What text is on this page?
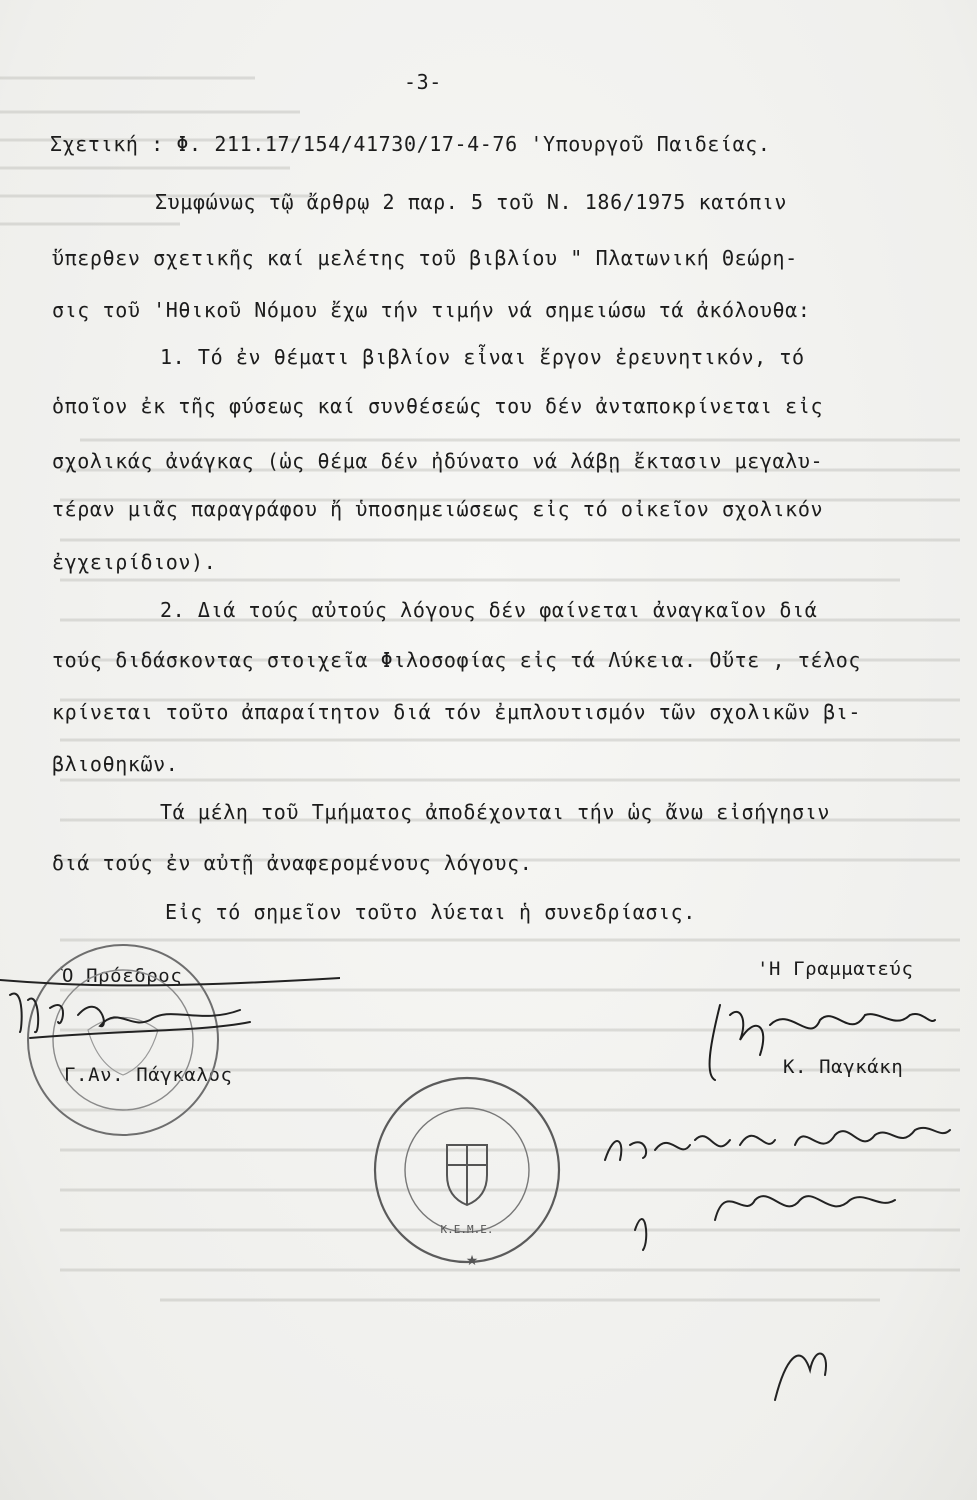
-3-
Σχετική : Φ. 211.17/154/41730/17-4-76 'Υπουργοῦ Παιδείας.
Συμφώνως τῷ ἄρθρῳ 2 παρ. 5 τοῦ Ν. 186/1975 κατόπιν
ὕπερθεν σχετικῆς καί μελέτης τοῦ βιβλίου " Πλατωνική Θεώρη-
σις τοῦ 'Ηθικοῦ Νόμου ἔχω τήν τιμήν νά σημειώσω τά ἀκόλουθα:
1. Τό ἐν θέματι βιβλίον εἶναι ἔργον ἐρευνητικόν, τό
ὁποῖον ἐκ τῆς φύσεως καί συνθέσεώς του δέν ἀνταποκρίνεται εἰς
σχολικάς ἀνάγκας (ὡς θέμα δέν ἠδύνατο νά λάβῃ ἔκτασιν μεγαλυ-
τέραν μιᾶς παραγράφου ἤ ὑποσημειώσεως εἰς τό οἰκεῖον σχολικόν
ἐγχειρίδιον).
2. Διά τούς αὐτούς λόγους δέν φαίνεται ἀναγκαῖον διά
τούς διδάσκοντας στοιχεῖα Φιλοσοφίας εἰς τά Λύκεια. Οὔτε , τέλος
κρίνεται τοῦτο ἀπαραίτητον διά τόν ἐμπλουτισμόν τῶν σχολικῶν βι-
βλιοθηκῶν.
Τά μέλη τοῦ Τμήματος ἀποδέχονται τήν ὡς ἄνω εἰσήγησιν
διά τούς ἐν αὐτῇ ἀναφερομένους λόγους.
Εἰς τό σημεῖον τοῦτο λύεται ἡ συνεδρίασις.
Ὁ Πρόεδρος
Γ.Αν. Πάγκαλος
'Η Γραμματεύς
Κ. Παγκάκη
Κ.Ε.Μ.Ε.
★
